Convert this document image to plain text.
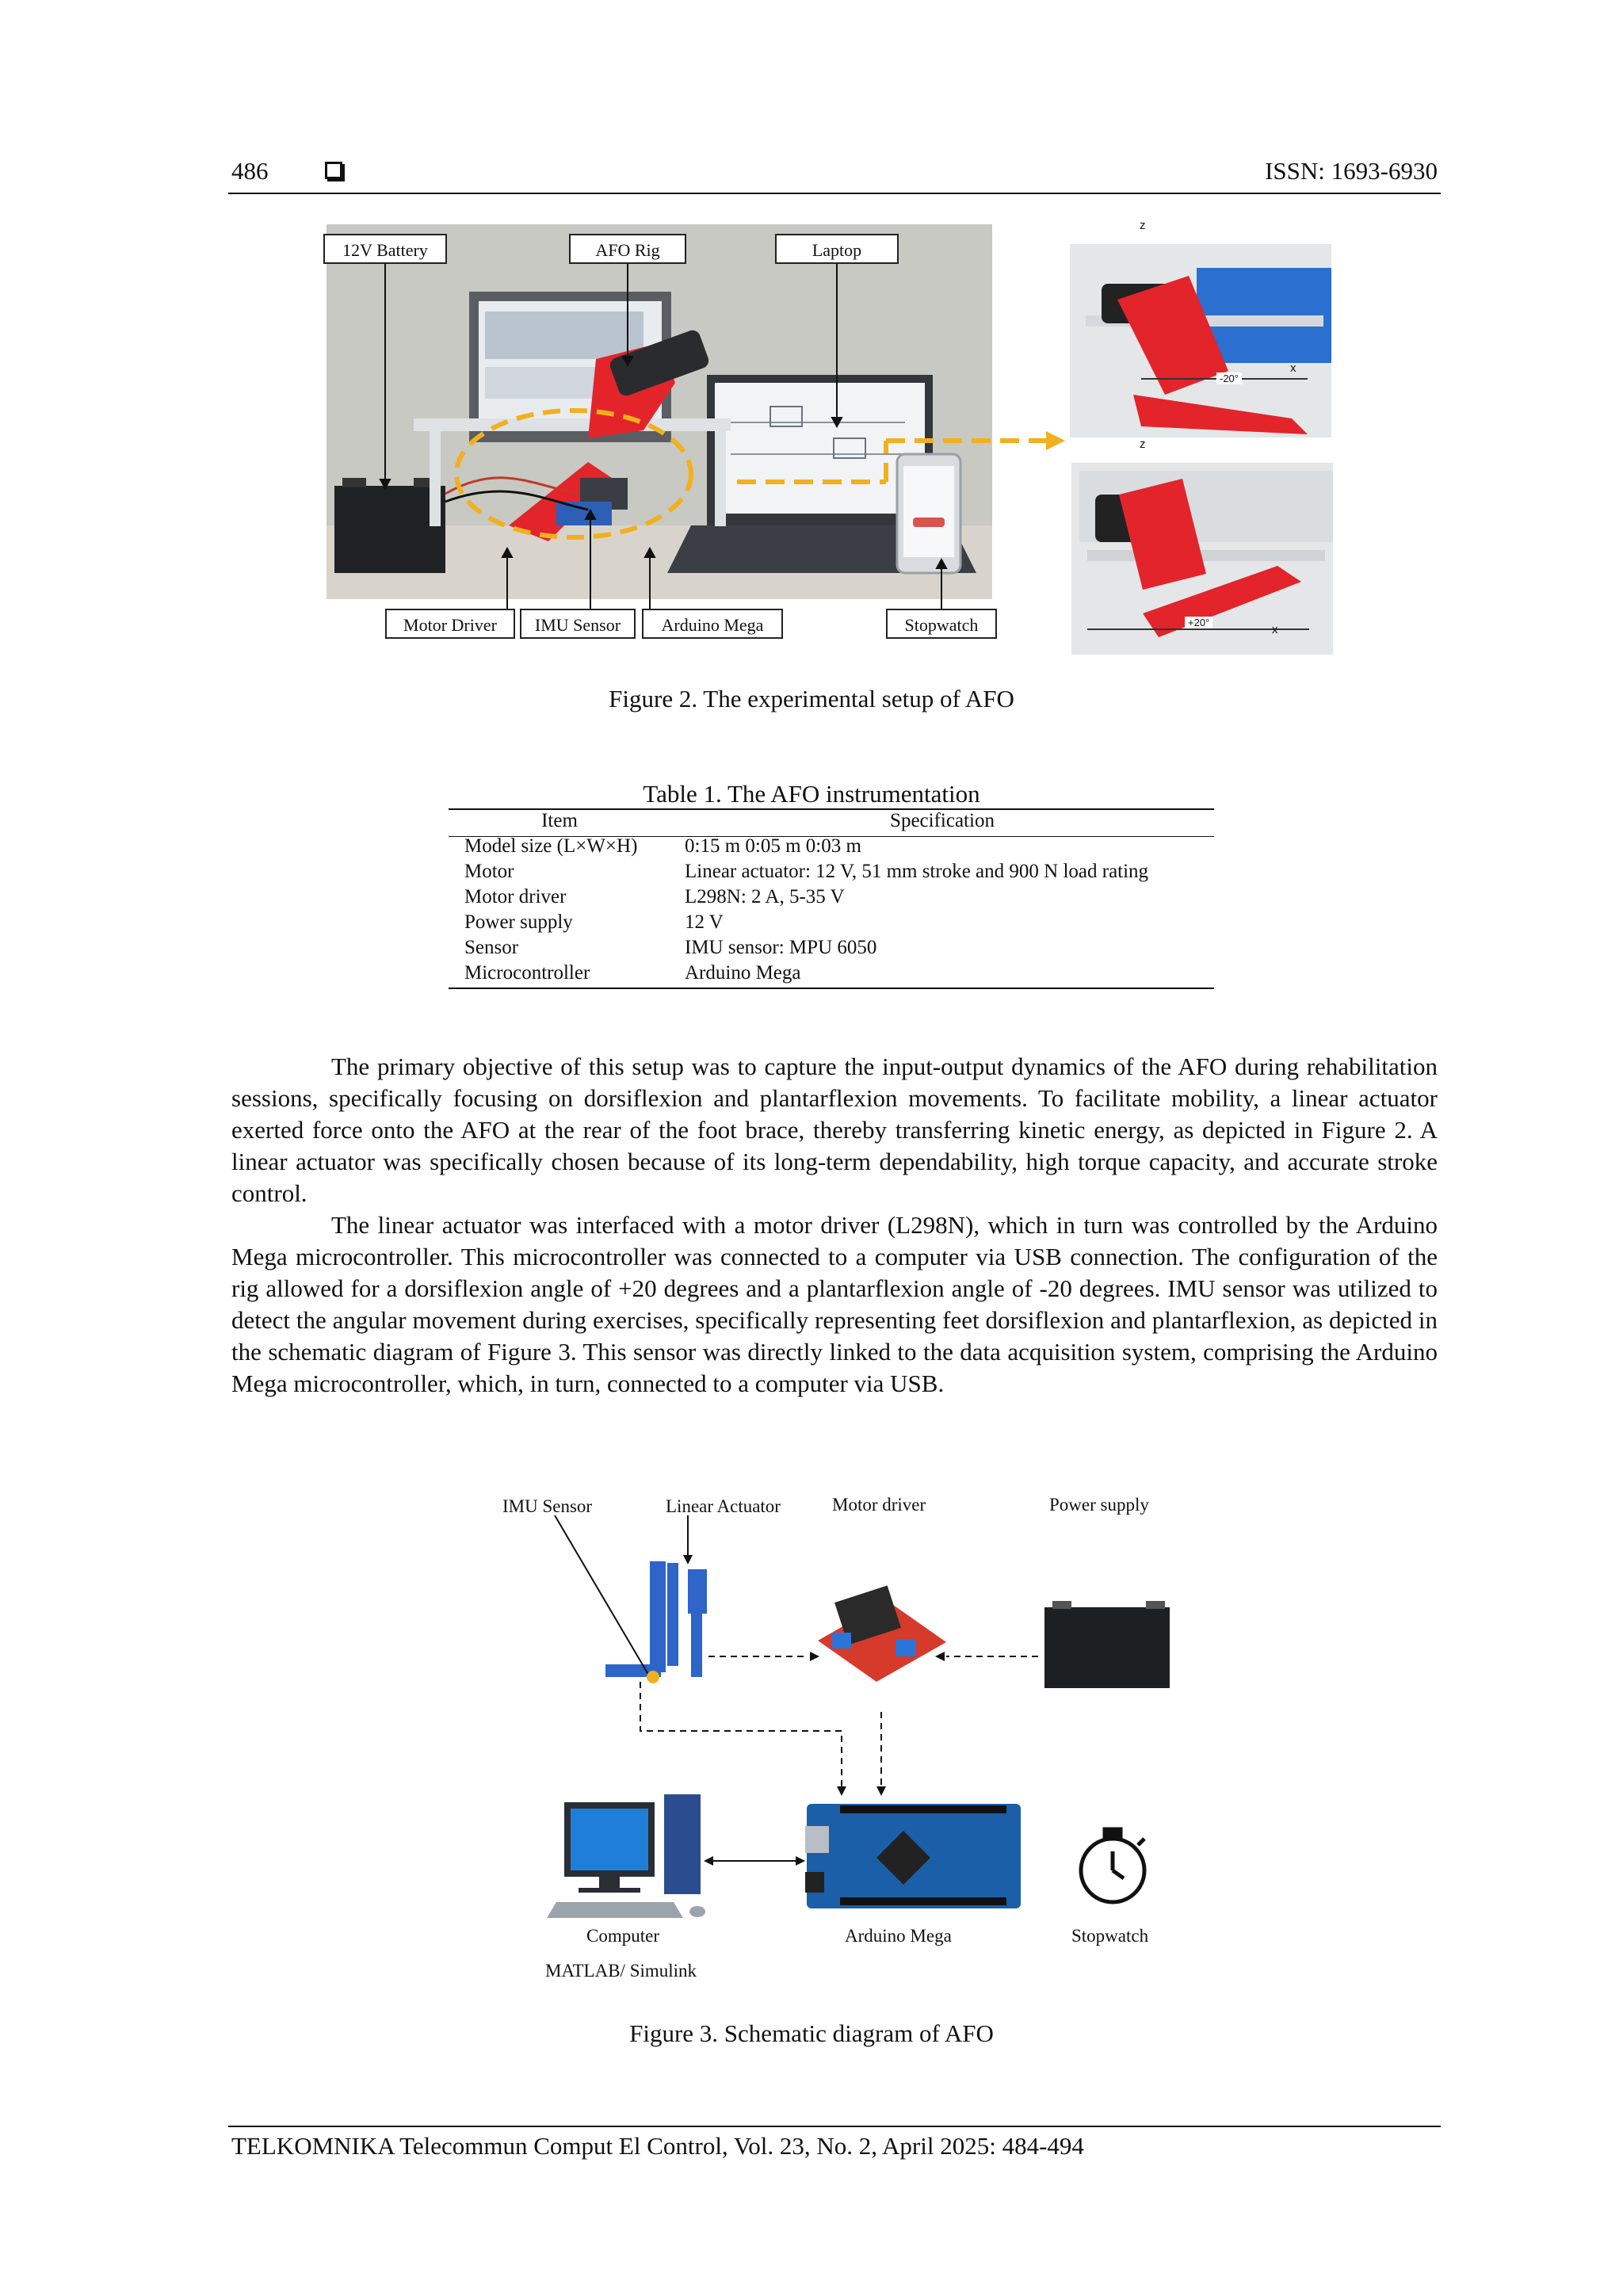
486	ISSN: 1693-6930
12V Battery	AFO Rig	Laptop
Motor Driver	IMU Sensor	Arduino Mega	Stopwatch
z
x
-20°
z
x
+20°
Figure 2. The experimental setup of AFO
Table 1. The AFO instrumentation
Item	Specification
Model size (L×W×H) 0:15 m 0:05 m 0:03 m
Motor	Linear actuator: 12 V, 51 mm stroke and 900 N load rating
Motor driver	L298N: 2 A, 5-35 V
Power supply	12 V
Sensor	IMU sensor: MPU 6050
Microcontroller	Arduino Mega

The primary objective of this setup was to capture the input-output dynamics of the AFO during rehabilitation sessions, specifically focusing on dorsiflexion and plantarflexion movements. To facilitate mobility, a linear actuator exerted force onto the AFO at the rear of the foot brace, thereby transferring kinetic energy, as depicted in Figure 2. A linear actuator was specifically chosen because of its long-term dependability, high torque capacity, and accurate stroke control.

The linear actuator was interfaced with a motor driver (L298N), which in turn was controlled by the Arduino Mega microcontroller. This microcontroller was connected to a computer via USB connection. The configuration of the rig allowed for a dorsiflexion angle of +20 degrees and a plantarflexion angle of -20 degrees. IMU sensor was utilized to detect the angular movement during exercises, specifically representing feet dorsiflexion and plantarflexion, as depicted in the schematic diagram of Figure 3. This sensor was directly linked to the data acquisition system, comprising the Arduino Mega microcontroller, which, in turn, connected to a computer via USB.

IMU Sensor	Linear Actuator	Motor driver	Power supply
Computer
MATLAB/ Simulink
Arduino Mega	Stopwatch
Figure 3. Schematic diagram of AFO
TELKOMNIKA Telecommun Comput El Control, Vol. 23, No. 2, April 2025: 484-494
